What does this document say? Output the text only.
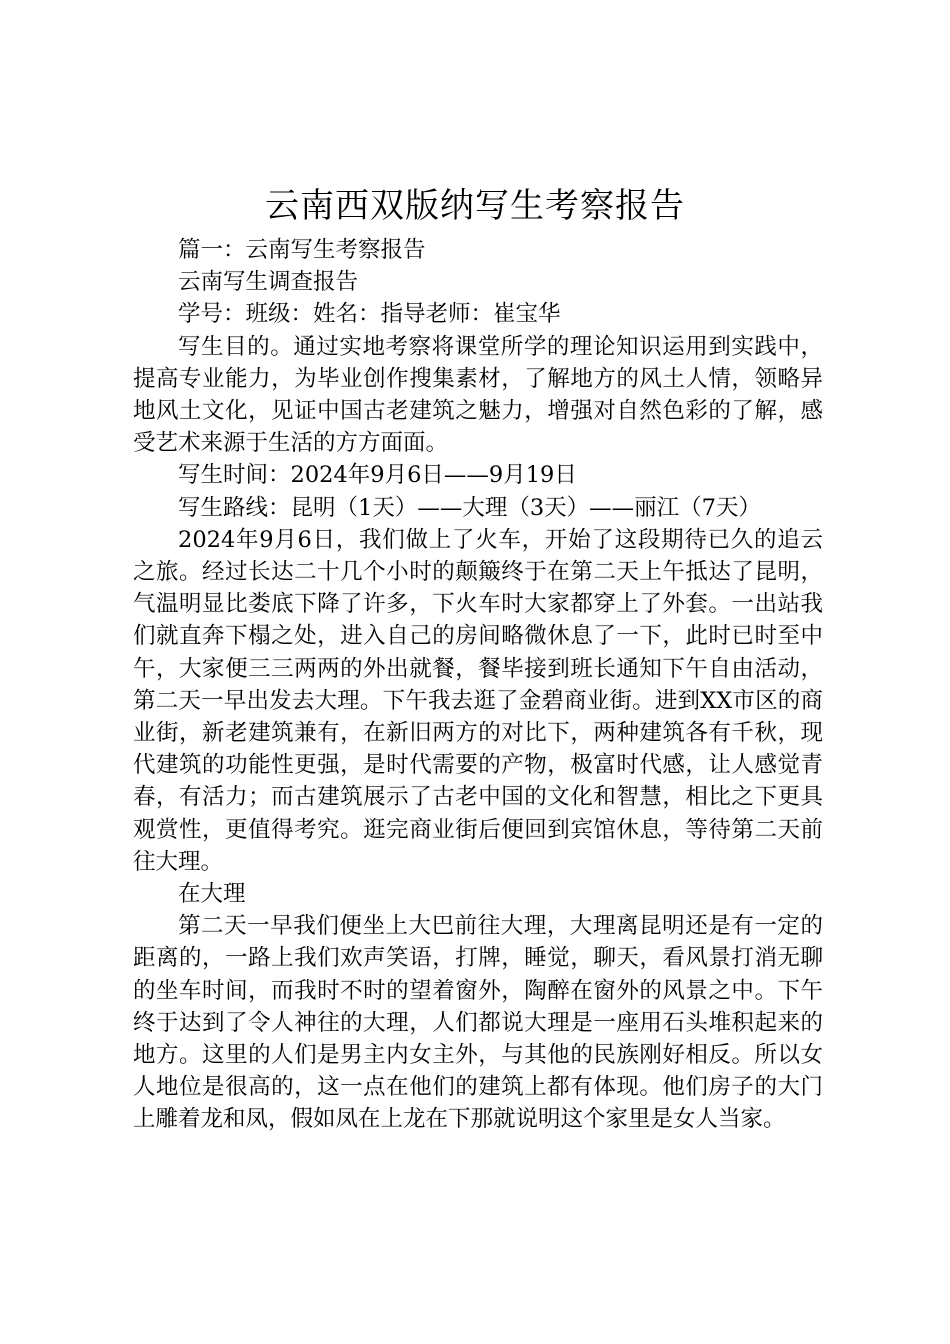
云南西双版纳写生考察报告

篇一：云南写生考察报告

云南写生调查报告

学号：班级：姓名：指导老师：崔宝华

写生目的。通过实地考察将课堂所学的理论知识运用到实践中，提高专业能力，为毕业创作搜集素材，了解地方的风土人情，领略异地风土文化，见证中国古老建筑之魅力，增强对自然色彩的了解，感受艺术来源于生活的方方面面。

写生时间：2024年9月6日——9月19日

写生路线：昆明（1天）——大理（3天）——丽江（7天）

2024年9月6日，我们做上了火车，开始了这段期待已久的追云之旅。经过长达二十几个小时的颠簸终于在第二天上午抵达了昆明，气温明显比娄底下降了许多，下火车时大家都穿上了外套。一出站我们就直奔下榻之处，进入自己的房间略微休息了一下，此时已时至中午，大家便三三两两的外出就餐，餐毕接到班长通知下午自由活动，第二天一早出发去大理。下午我去逛了金碧商业街。进到XX市区的商业街，新老建筑兼有，在新旧两方的对比下，两种建筑各有千秋，现代建筑的功能性更强，是时代需要的产物，极富时代感，让人感觉青春，有活力；而古建筑展示了古老中国的文化和智慧，相比之下更具观赏性，更值得考究。逛完商业街后便回到宾馆休息，等待第二天前往大理。

在大理

第二天一早我们便坐上大巴前往大理，大理离昆明还是有一定的距离的，一路上我们欢声笑语，打牌，睡觉，聊天，看风景打消无聊的坐车时间，而我时不时的望着窗外，陶醉在窗外的风景之中。下午终于达到了令人神往的大理，人们都说大理是一座用石头堆积起来的地方。这里的人们是男主内女主外，与其他的民族刚好相反。所以女人地位是很高的，这一点在他们的建筑上都有体现。他们房子的大门上雕着龙和凤，假如凤在上龙在下那就说明这个家里是女人当家。
